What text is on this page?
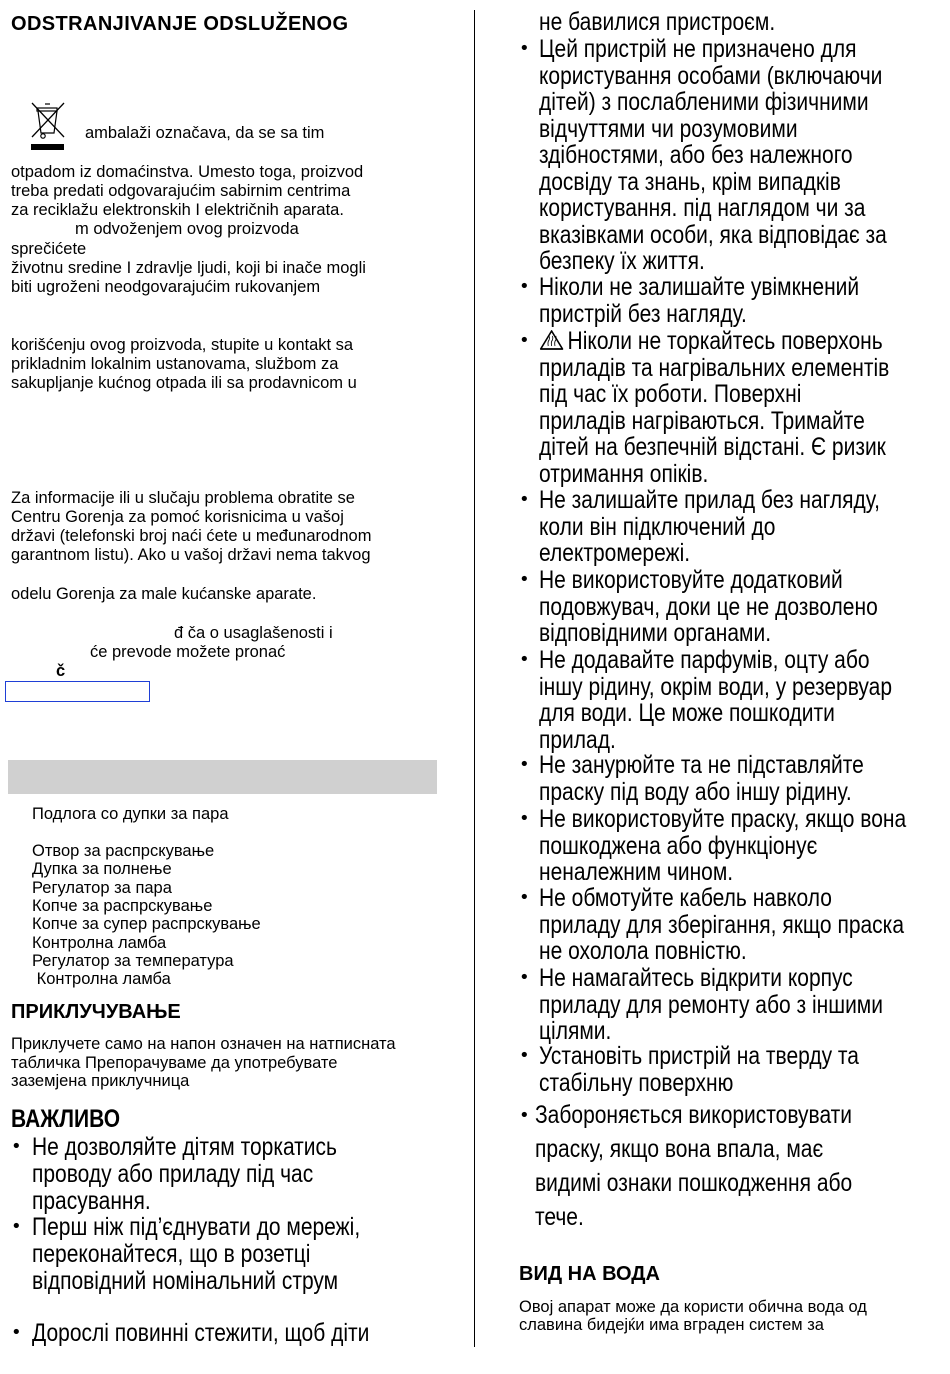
ODSTRANJIVANJE ODSLUŽENOG
ambalaži označava, da se sa tim
otpadom iz domaćinstva. Umesto toga, proizvod
treba predati odgovarajućim sabirnim centrima
za reciklažu elektronskih I električnih aparata.
m odvoženjem ovog proizvoda
sprečićete
životnu sredine I zdravlje ljudi, koji bi inače mogli
biti ugroženi neodgovarajućim rukovanjem
korišćenju ovog proizvoda, stupite u kontakt sa
prikladnim lokalnim ustanovama, službom za
sakupljanje kućnog otpada ili sa prodavnicom u
Za informacije ili u slučaju problema obratite se
Centru Gorenja za pomoć korisnicima u vašoj
državi (telefonski broj naći ćete u međunarodnom
garantnom listu). Ako u vašoj državi nema takvog
odelu Gorenja za male kućanske aparate.
đ ča o usaglašenosti i
će prevode možete pronać
č
Подлога со дупки за пара
Отвор за распрскување
Дупка за полнење
Регулатор за пара
Копче за распрскување
Копче за супер распрскување
Контролна ламба
Регулатор за температура
Контролна ламба
ПРИКЛУЧУВАЊЕ
Приклучете само на напон означен на натписната
табличка Препорачуваме да употребувате
заземјена приклучница
ВАЖЛИВО
• Не дозволяйте дітям торкатись
проводу або приладу під час
прасування.
• Перш ніж під’єднувати до мережі,
переконайтеся, що в розетці
відповідний номінальний струм
• Дорослі повинні стежити, щоб діти
не бавилися пристроєм.
• Цей пристрій не призначено для
користування особами (включаючи
дітей) з послабленими фізичними
відчуттями чи розумовими
здібностями, або без належного
досвіду та знань, крім випадків
користування. під наглядом чи за
вказівками особи, яка відповідає за
безпеку їх життя.
• Ніколи не залишайте увімкнений
пристрій без нагляду.
•	Ніколи не торкайтесь поверхонь
приладів та нагрівальних елементів
під час їх роботи. Поверхні
приладів нагріваються. Тримайте
дітей на безпечній відстані. Є ризик
отримання опіків.
• Не залишайте прилад без нагляду,
коли він підключений до
електромережі.
• Не використовуйте додатковий
подовжувач, доки це не дозволено
відповідними органами.
• Не додавайте парфумів, оцту або
іншу рідину, окрім води, у резервуар
для води. Це може пошкодити
прилад.
• Не занурюйте та не підставляйте
праску під воду або іншу рідину.
• Не використовуйте праску, якщо вона
пошкоджена або функціонує
неналежним чином.
• Не обмотуйте кабель навколо
приладу для зберігання, якщо праска
не охолола повністю.
• Не намагайтесь відкрити корпус
приладу для ремонту або з іншими
цілями.
• Установіть пристрій на тверду та
стабільну поверхню
• Забороняється використовувати
праску, якщо вона впала, має
видимі ознаки пошкодження або
тече.
ВИД НА ВОДА
Овој апарат може да користи обична вода од
славина бидејќи има вграден систем за
